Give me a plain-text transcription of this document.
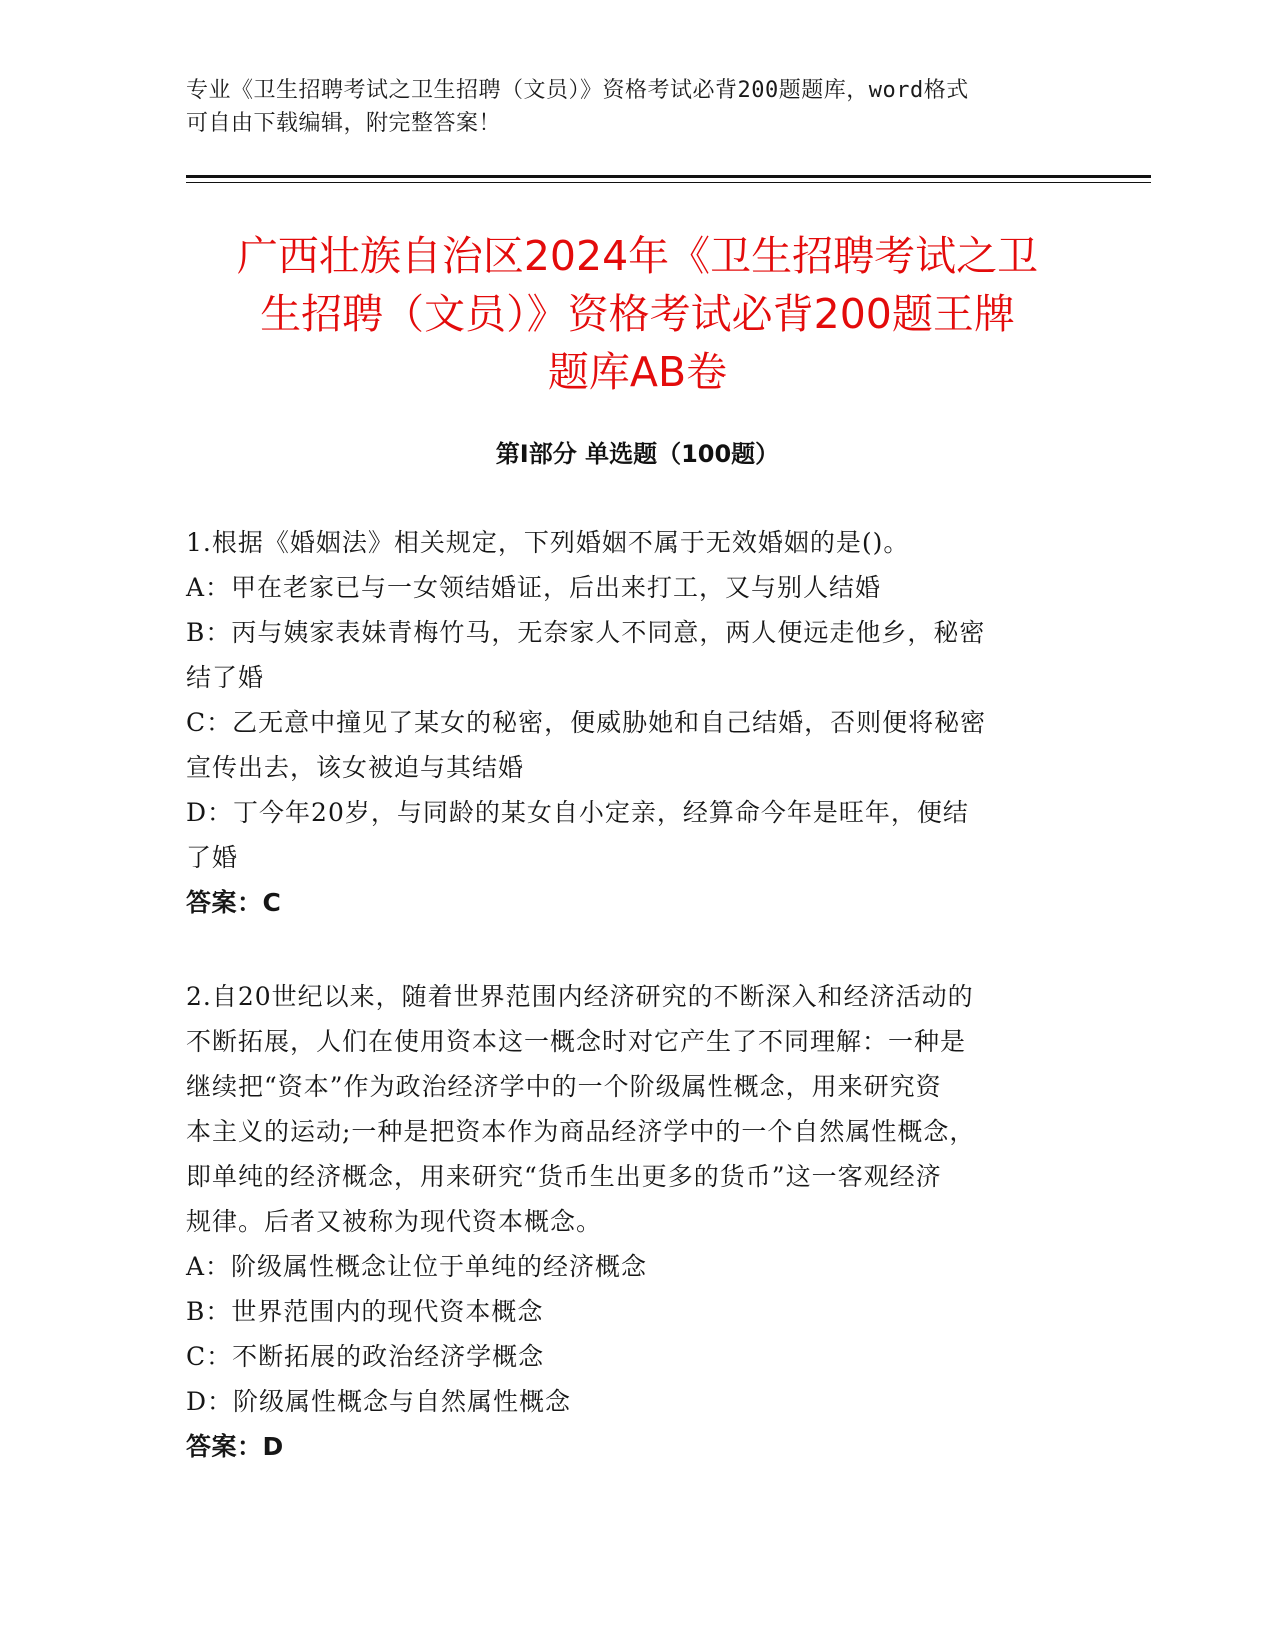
专业《卫生招聘考试之卫生招聘（文员）》资格考试必背200题题库，word格式
可自由下载编辑，附完整答案！
广西壮族自治区2024年《卫生招聘考试之卫
生招聘（文员）》资格考试必背200题王牌
题库AB卷
第Ⅰ部分 单选题（100题）
1.根据《婚姻法》相关规定，下列婚姻不属于无效婚姻的是()。
A：甲在老家已与一女领结婚证，后出来打工，又与别人结婚
B：丙与姨家表妹青梅竹马，无奈家人不同意，两人便远走他乡，秘密
结了婚
C：乙无意中撞见了某女的秘密，便威胁她和自己结婚，否则便将秘密
宣传出去，该女被迫与其结婚
D：丁今年20岁，与同龄的某女自小定亲，经算命今年是旺年，便结
了婚
答案：C
2.自20世纪以来，随着世界范围内经济研究的不断深入和经济活动的
不断拓展，人们在使用资本这一概念时对它产生了不同理解：一种是
继续把“资本”作为政治经济学中的一个阶级属性概念，用来研究资
本主义的运动;一种是把资本作为商品经济学中的一个自然属性概念，
即单纯的经济概念，用来研究“货币生出更多的货币”这一客观经济
规律。后者又被称为现代资本概念。
A：阶级属性概念让位于单纯的经济概念
B：世界范围内的现代资本概念
C：不断拓展的政治经济学概念
D：阶级属性概念与自然属性概念
答案：D
